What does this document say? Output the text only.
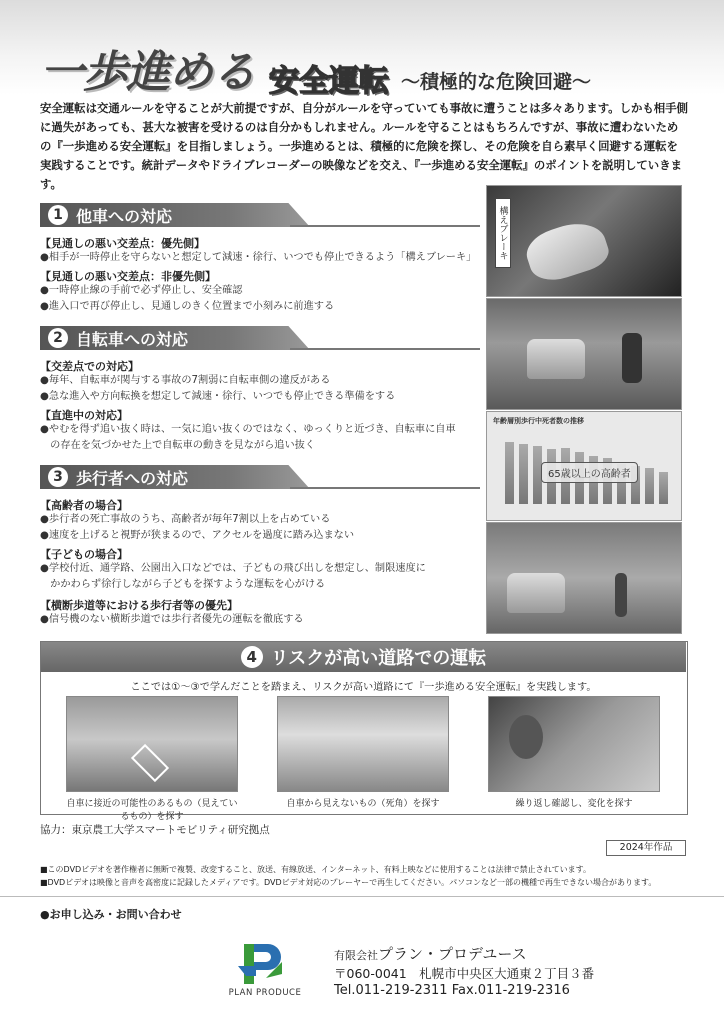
一歩進める 安全運転 〜積極的な危険回避〜
安全運転は交通ルールを守ることが大前提ですが、自分がルールを守っていても事故に遭うことは多々あります。しかも相手側に過失があっても、甚大な被害を受けるのは自分かもしれません。ルールを守ることはもちろんですが、事故に遭わないための『一歩進める安全運転』を目指しましょう。一歩進めるとは、積極的に危険を探し、その危険を自ら素早く回避する運転を実践することです。統計データやドライブレコーダーの映像などを交え、『一歩進める安全運転』のポイントを説明していきます。
1 他車への対応
【見通しの悪い交差点：優先側】
●相手が一時停止を守らないと想定して減速・徐行、いつでも停止できるよう「構えブレーキ」
【見通しの悪い交差点：非優先側】
●一時停止線の手前で必ず停止し、安全確認
●進入口で再び停止し、見通しのきく位置まで小刻みに前進する
2 自転車への対応
【交差点での対応】
●毎年、自転車が関与する事故の7割弱に自転車側の違反がある
●急な進入や方向転換を想定して減速・徐行、いつでも停止できる準備をする
【直進中の対応】
●やむを得ず追い抜く時は、一気に追い抜くのではなく、ゆっくりと近づき、自転車に自車
　の存在を気づかせた上で自転車の動きを見ながら追い抜く
3 歩行者への対応
【高齢者の場合】
●歩行者の死亡事故のうち、高齢者が毎年7割以上を占めている
●速度を上げると視野が狭まるので、アクセルを過度に踏み込まない
【子どもの場合】
●学校付近、通学路、公園出入口などでは、子どもの飛び出しを想定し、制限速度に
　かかわらず徐行しながら子どもを探すような運転を心がける
【横断歩道等における歩行者等の優先】
●信号機のない横断歩道では歩行者優先の運転を徹底する
構えブレーキ
年齢層別歩行中死者数の推移
65歳以上の高齢者
4 リスクが高い道路での運転
ここでは①〜③で学んだことを踏まえ、リスクが高い道路にて『一歩進める安全運転』を実践します。
自車に接近の可能性のあるもの（見えているもの）を探す
自車から見えないもの（死角）を探す	繰り返し確認し、変化を探す
協力：東京農工大学スマートモビリティ研究拠点
2024年作品
■このDVDビデオを著作権者に無断で複製、改変すること、放送、有線放送、インターネット、有料上映などに使用することは法律で禁止されています。
■DVDビデオは映像と音声を高密度に記録したメディアです。DVDビデオ対応のプレーヤーで再生してください。パソコンなど一部の機種で再生できない場合があります。
●お申し込み・お問い合わせ
PLAN PRODUCE
有限会社プラン・プロデユース
〒060-0041　札幌市中央区大通東２丁目３番
Tel.011-219-2311 Fax.011-219-2316
